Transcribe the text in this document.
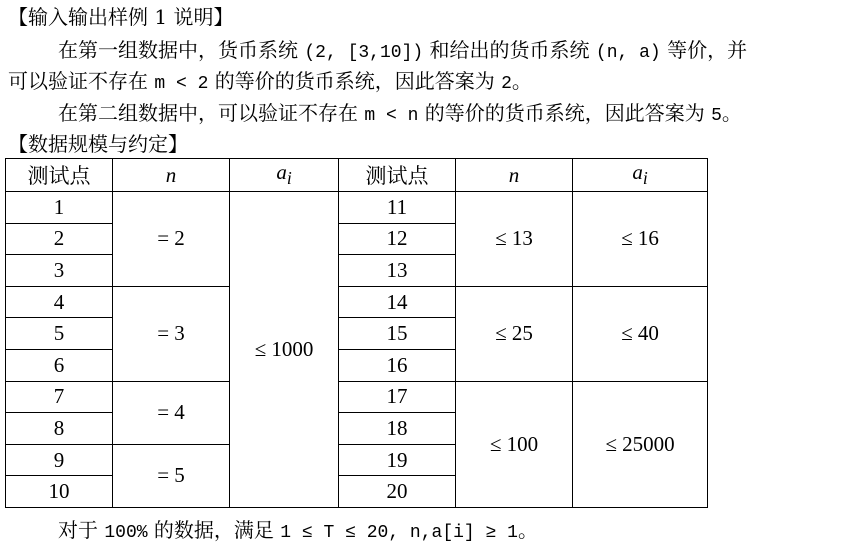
【输入输出样例 1 说明】
在第一组数据中，货币系统 (2, [3,10]) 和给出的货币系统 (n, a) 等价，并
可以验证不存在 m < 2 的等价的货币系统，因此答案为 2。
在第二组数据中，可以验证不存在 m < n 的等价的货币系统，因此答案为 5。
【数据规模与约定】
测试点	n	$a_i$	测试点	n	$a_i$
1	= 2	≤ 1000	11	≤ 13	≤ 16
2			12		
3			13		
4	= 3		14	≤ 25	≤ 40
5			15		
6			16		
7	= 4		17	≤ 100	≤ 25000
8			18		
9	= 5		19		
10			20		
对于 100% 的数据，满足 1 ≤ T ≤ 20, n,a[i] ≥ 1。
